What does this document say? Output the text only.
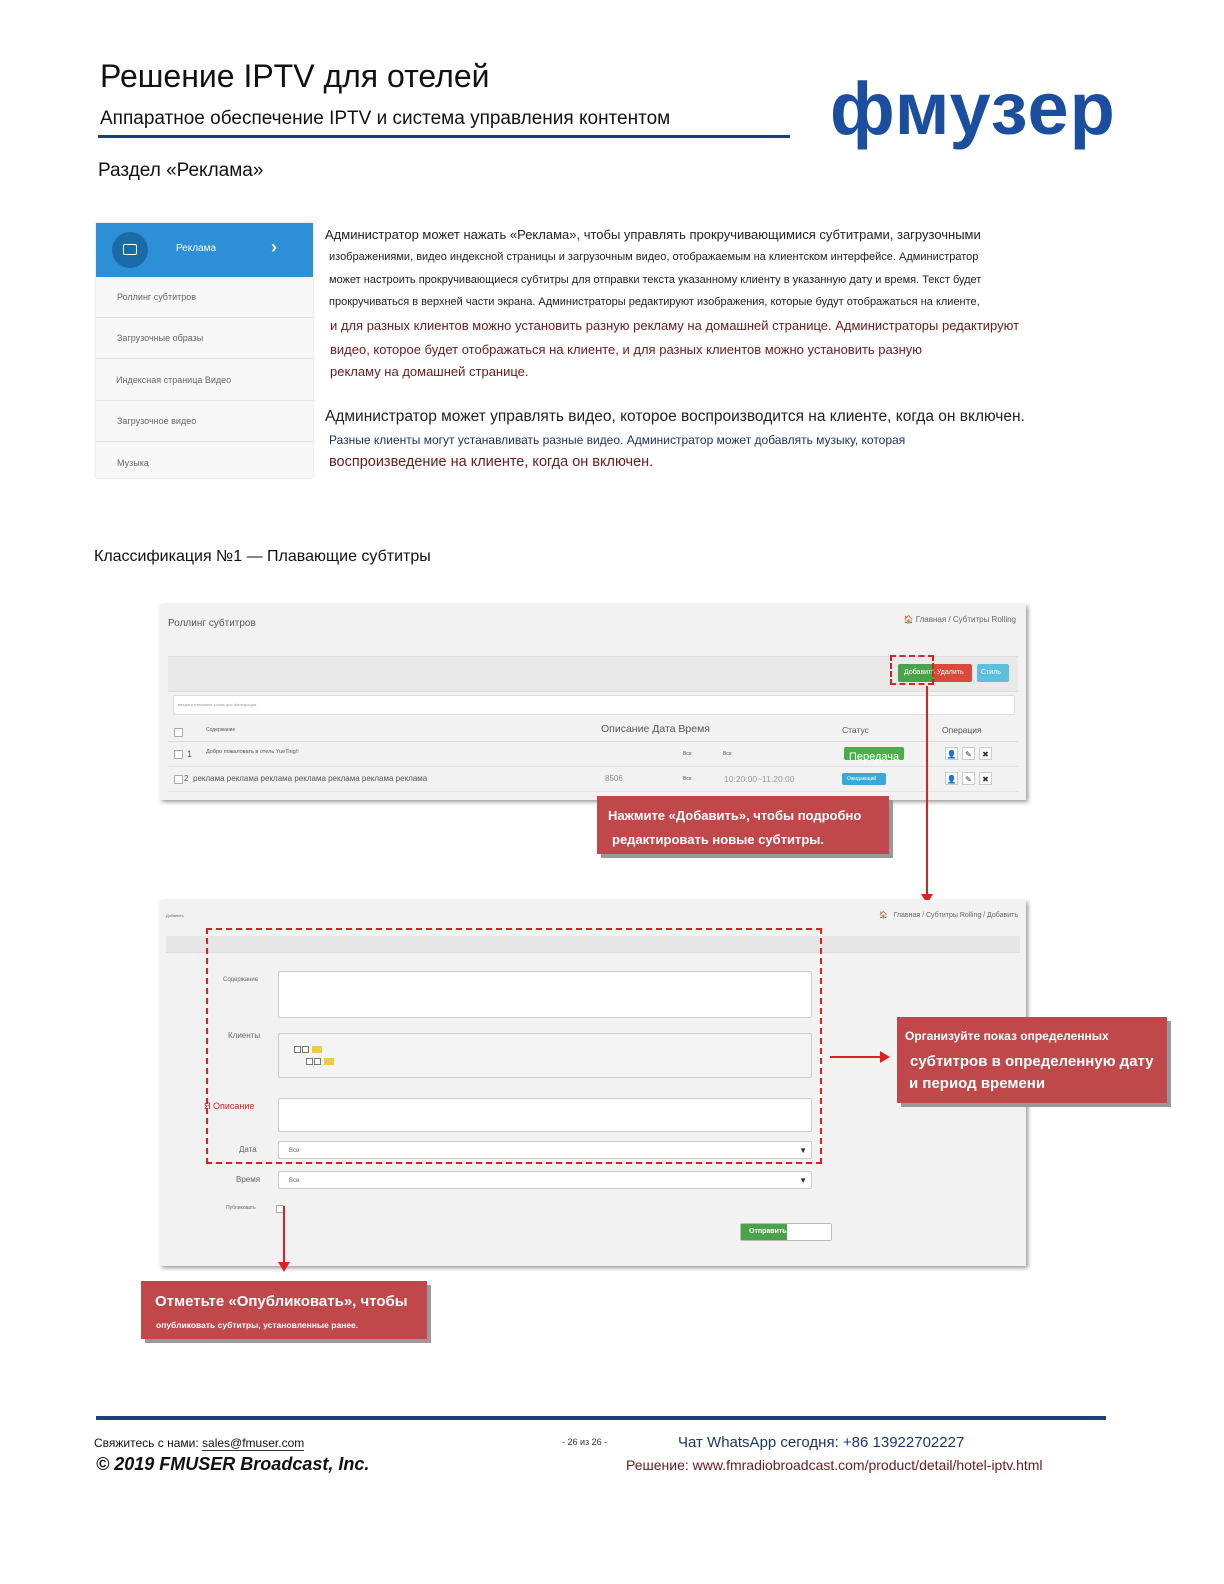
Решение IPTV для отелей
Аппаратное обеспечение IPTV и система управления контентом фмузер
Раздел «Реклама»
Реклама	›
Роллинг субтитров
Загрузочные образы
Индексная страница Видео
Загрузочное видео
Музыка
Администратор может нажать «Реклама», чтобы управлять прокручивающимися субтитрами, загрузочными
изображениями, видео индексной страницы и загрузочным видео, отображаемым на клиентском интерфейсе. Администратор
может настроить прокручивающиеся субтитры для отправки текста указанному клиенту в указанную дату и время. Текст будет
прокручиваться в верхней части экрана. Администраторы редактируют изображения, которые будут отображаться на клиенте,
и для разных клиентов можно установить разную рекламу на домашней странице. Администраторы редактируют
видео, которое будет отображаться на клиенте, и для разных клиентов можно установить разную
рекламу на домашней странице.
Администратор может управлять видео, которое воспроизводится на клиенте, когда он включен.
Разные клиенты могут устанавливать разные видео. Администратор может добавлять музыку, которая
воспроизведение на клиенте, когда он включен.
Классификация №1 — Плавающие субтитры
Роллинг субтитров	🏠 Главная / Субтитры Rolling
Добавить Удалить Стиль
введите ключевые слова для фильтрации
Содержание	Описание Дата Время	Статус	Операция
1	Добро пожаловать в отель YueTing!!	Все	Все	Передача	👤	✎	✖
2 реклама реклама реклама реклама реклама реклама реклама	8506	Все	10:20:00~11:20:00	Ожидающий	👤	✎	✖
Нажмите «Добавить», чтобы подробно
редактировать новые субтитры.
Добавить	🏠 Главная / Субтитры Rolling / Добавить
Содержание
Клиенты
Я Описание
Дата	Все	▼
Время	Все	▼
Публиковать
Отправить Отмена
Организуйте показ определенных
субтитров в определенную дату
и период времени
Отметьте «Опубликовать», чтобы
опубликовать субтитры, установленные ранее.
Свяжитесь с нами: sales@fmuser.com
© 2019 FMUSER Broadcast, Inc.
- 26 из 26 -	Чат WhatsApp сегодня: +86 13922702227
Решение: www.fmradiobroadcast.com/product/detail/hotel-iptv.html
